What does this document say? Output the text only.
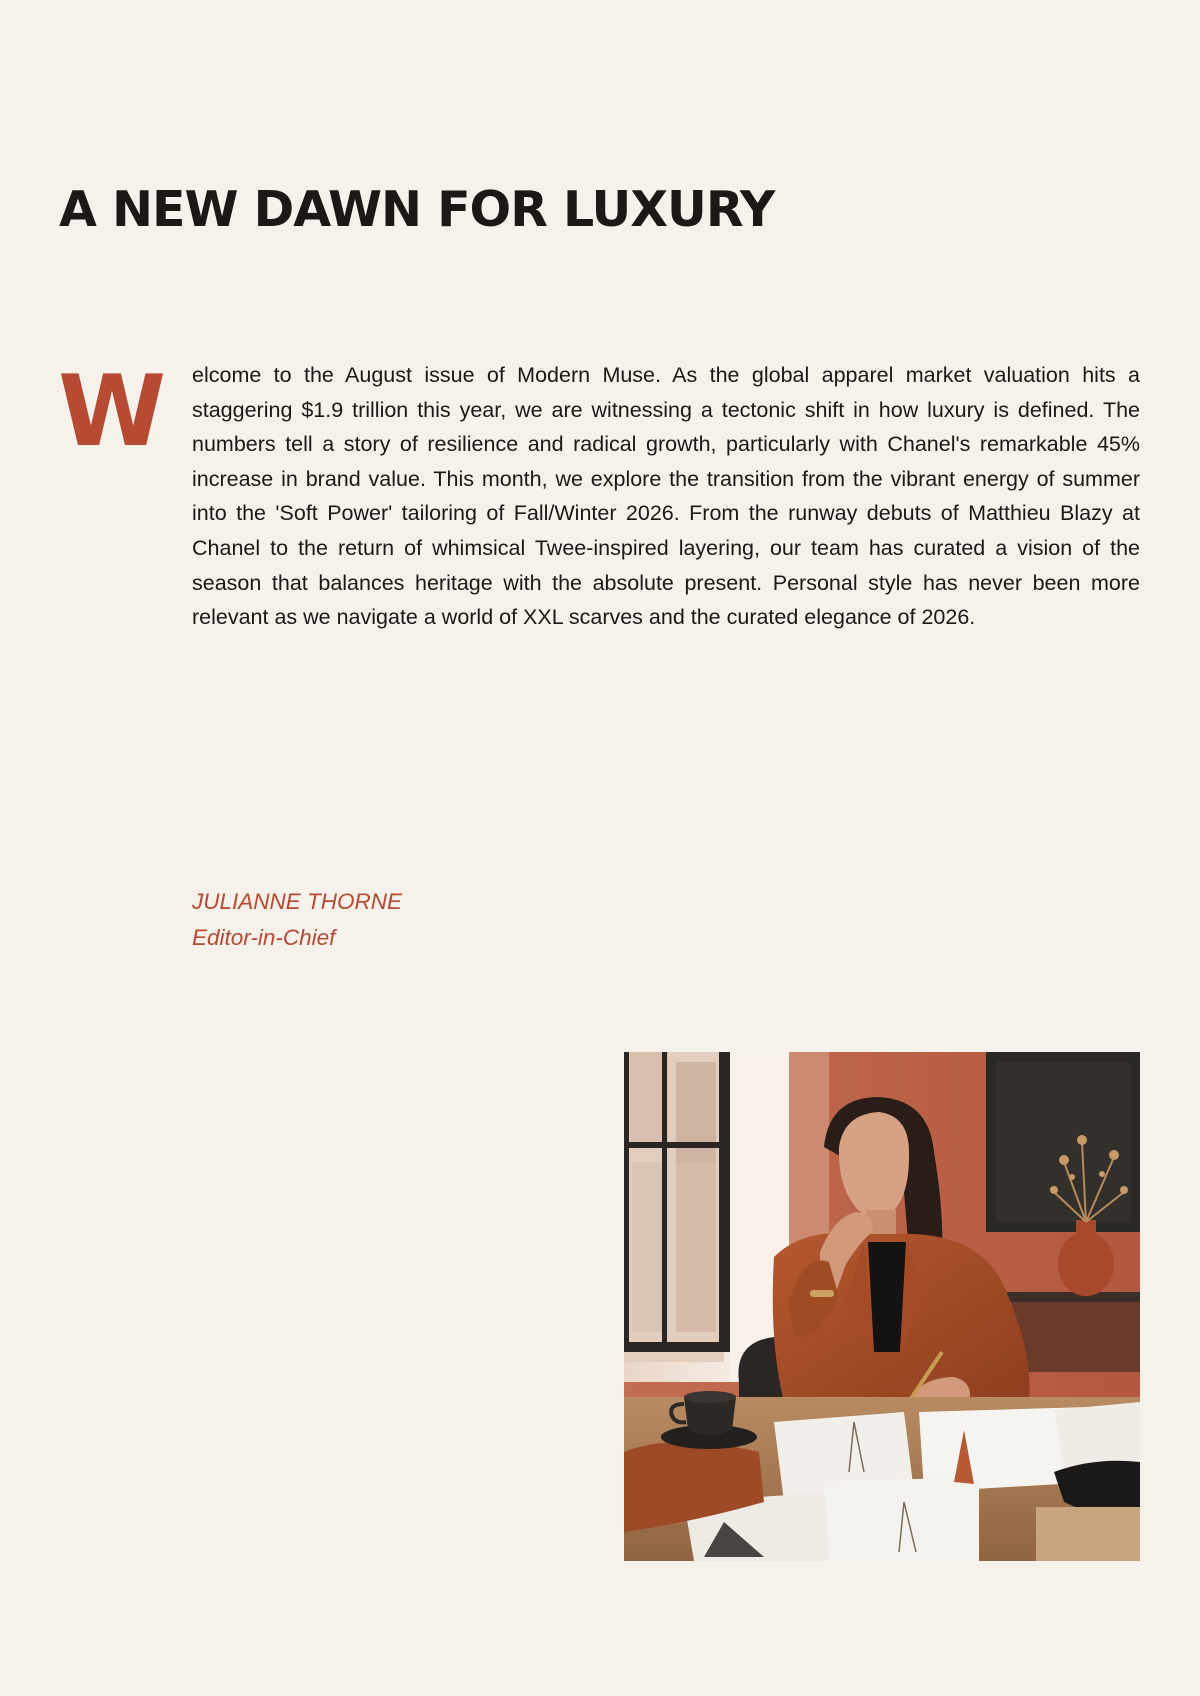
A NEW DAWN FOR LUXURY
W elcome to the August issue of Modern Muse. As the global apparel market valuation hits a staggering $1.9 trillion this year, we are witnessing a tectonic shift in how luxury is defined. The numbers tell a story of resilience and radical growth, particularly with Chanel's remarkable 45% increase in brand value. This month, we explore the transition from the vibrant energy of summer into the 'Soft Power' tailoring of Fall/Winter 2026. From the runway debuts of Matthieu Blazy at Chanel to the return of whimsical Twee-inspired layering, our team has curated a vision of the season that balances heritage with the absolute present. Personal style has never been more relevant as we navigate a world of XXL scarves and the curated elegance of 2026.

JULIANNE THORNE
Editor-in-Chief
